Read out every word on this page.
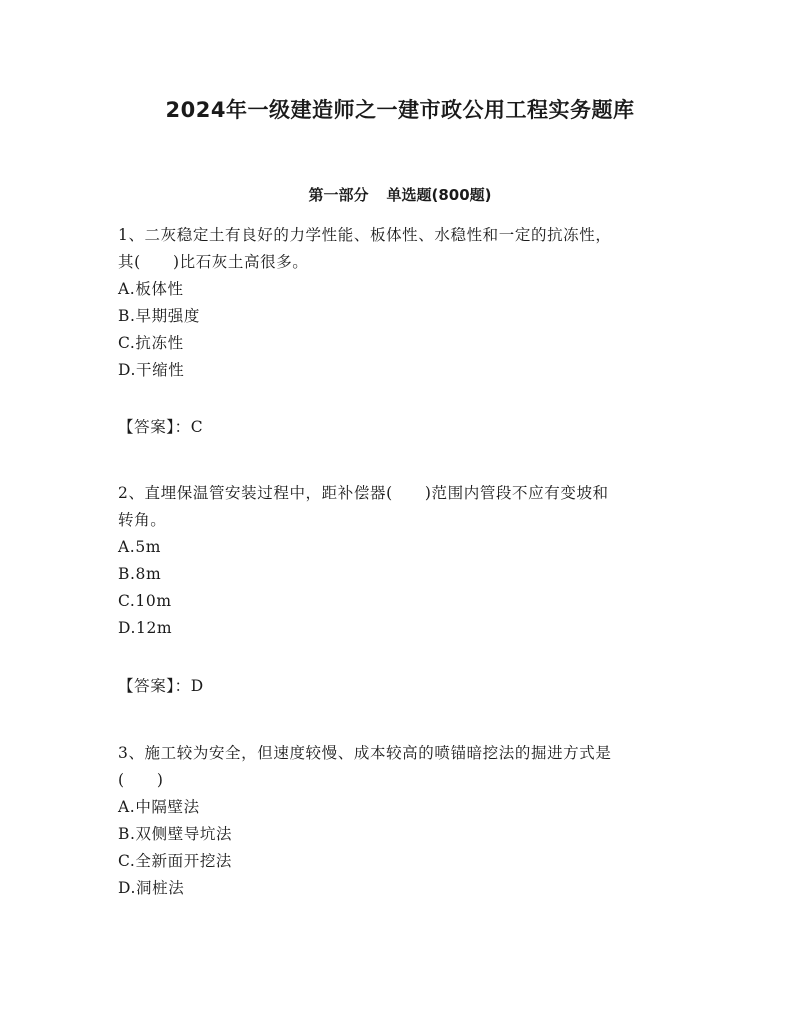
2024年一级建造师之一建市政公用工程实务题库
第一部分 单选题(800题)

1、二灰稳定土有良好的力学性能、板体性、水稳性和一定的抗冻性，

其(　　)比石灰土高很多。

A.板体性

B.早期强度

C.抗冻性

D.干缩性

【答案】：C

2、直埋保温管安装过程中，距补偿器(　　)范围内管段不应有变坡和

转角。

A.5m

B.8m

C.10m

D.12m

【答案】：D

3、施工较为安全，但速度较慢、成本较高的喷锚暗挖法的掘进方式是

(　　)

A.中隔壁法

B.双侧壁导坑法

C.全新面开挖法

D.洞桩法
